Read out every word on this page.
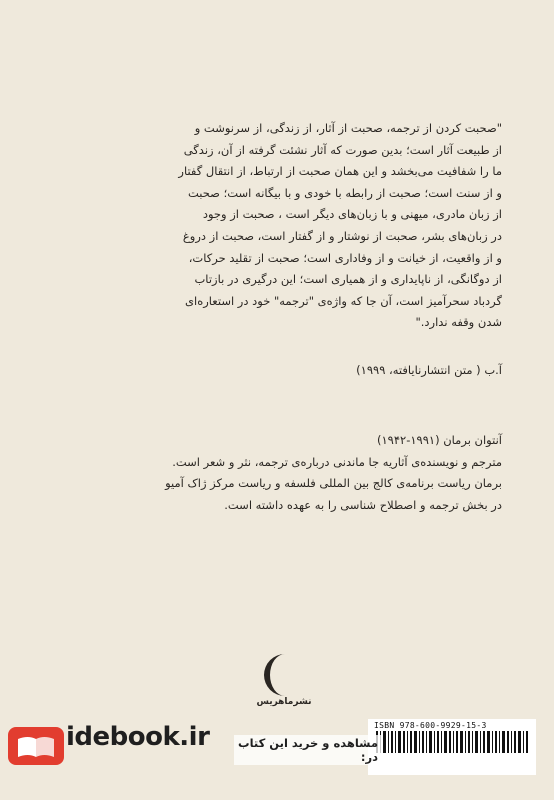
"صحبت کردن از ترجمه، صحبت از آثار، از زندگی، از سرنوشت و
از طبیعت آثار است؛ بدین صورت که آثار نشئت گرفته از آن، زندگی
ما را شفافیت می‌بخشد و این همان صحبت از ارتباط، از انتقال گفتار
و از سنت است؛ صحبت از رابطه با خودی و با بیگانه است؛ صحبت
از زبان مادری، میهنی و با زبان‌های دیگر است ، صحبت از وجود
در زبان‌های بشر، صحبت از نوشتار و از گفتار است، صحبت از دروغ
و از واقعیت، از خیانت و از وفاداری است؛ صحبت از تقلید حرکات،
از دوگانگی، از ناپایداری و از همیاری است؛ این درگیری در بازتاب
گردباد سحرآمیز است، آن جا که واژه‌ی "ترجمه" خود در استعاره‌ای
شدن وقفه ندارد."
آ.ب ( متن انتشارنایافته، ۱۹۹۹)
آنتوان برمان (۱۹۹۱-۱۹۴۲)
مترجم و نویسنده‌ی آثاریه جا ماندنی درباره‌ی ترجمه، نثر و شعر است.
برمان ریاست برنامه‌ی کالج بین المللی فلسفه و ریاست مرکز ژاک آمیو
در بخش ترجمه و اصطلاح شناسی را به عهده داشته است.
نشرماهریس
ISBN 978-600-9929-15-3
idebook.ir	مشاهده و خرید این کتاب در:
